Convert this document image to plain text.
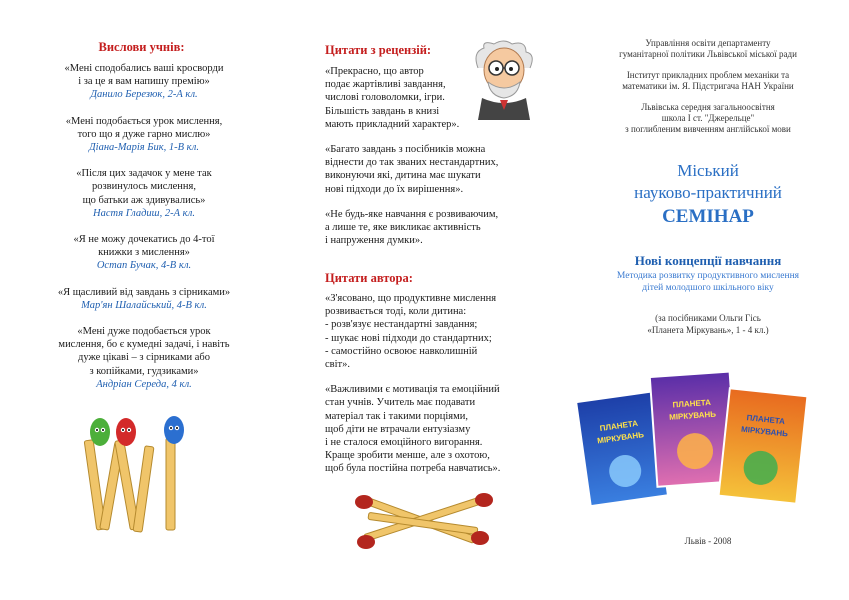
Вислови учнів:
«Мені сподобались ваші кросворди
і за це я вам напишу премію»
Данило Березюк, 2-А кл.
«Мені подобається урок мислення,
того що я дуже гарно мислю»
Діана-Марія Бик, 1-В кл.
«Після цих задачок у мене так
розвинулось мислення,
що батьки аж здивувались»
Настя Гладиш, 2-А кл.
«Я не можу дочекатись до 4-тої
книжки з мислення»
Остап Бучак, 4-В кл.
«Я щасливий від завдань з сірниками»
Мар'ян Шалайський, 4-В кл.
«Мені дуже подобається урок
мислення, бо є кумедні задачі, і навіть
дуже цікаві – з сірниками або
з копійками, гудзиками»
Андріан Середа, 4 кл.
Цитати з рецензій:
«Прекрасно, що автор
подає жартівливі завдання,
числові головоломки, ігри.
Більшість завдань в книзі
мають прикладний характер».
«Багато завдань з посібників можна
віднести до так званих нестандартних,
виконуючи які, дитина має шукати
нові підходи до їх вирішення».
«Не будь-яке навчання є розвиваючим,
а лише те, яке викликає активність
і напруження думки».
Цитати автора:
«З'ясовано, що продуктивне мислення
розвивається тоді, коли дитина:
- розв'язує нестандартні завдання;
- шукає нові підходи до стандартних;
- самостійно освоює навколишній
світ».
«Важливими є мотивація та емоційний
стан учнів. Учитель має подавати
матеріал так і такими порціями,
щоб діти не втрачали ентузіазму
і не сталося емоційного вигорання.
Краще зробити менше, але з охотою,
щоб була постійна потреба навчатись».
Управління освіти департаменту
гуманітарної політики Львівської міської ради
Інститут прикладних проблем механіки та
математики ім. Я. Підстригача НАН України
Львівська середня загальноосвітня
школа І ст. "Джерельце"
з поглибленим вивченням англійської мови
Міський
науково-практичний
СЕМІНАР
Нові концепції навчання
Методика розвитку продуктивного мислення
дітей молодшого шкільного віку
(за посібниками Ольги Гісь
«Планета Міркувань», 1 - 4 кл.)
ПЛАНЕТА
МІРКУВАНЬ
ПЛАНЕТА
МІРКУВАНЬ	ПЛАНЕТА
МІРКУВАНЬ
Львів - 2008
